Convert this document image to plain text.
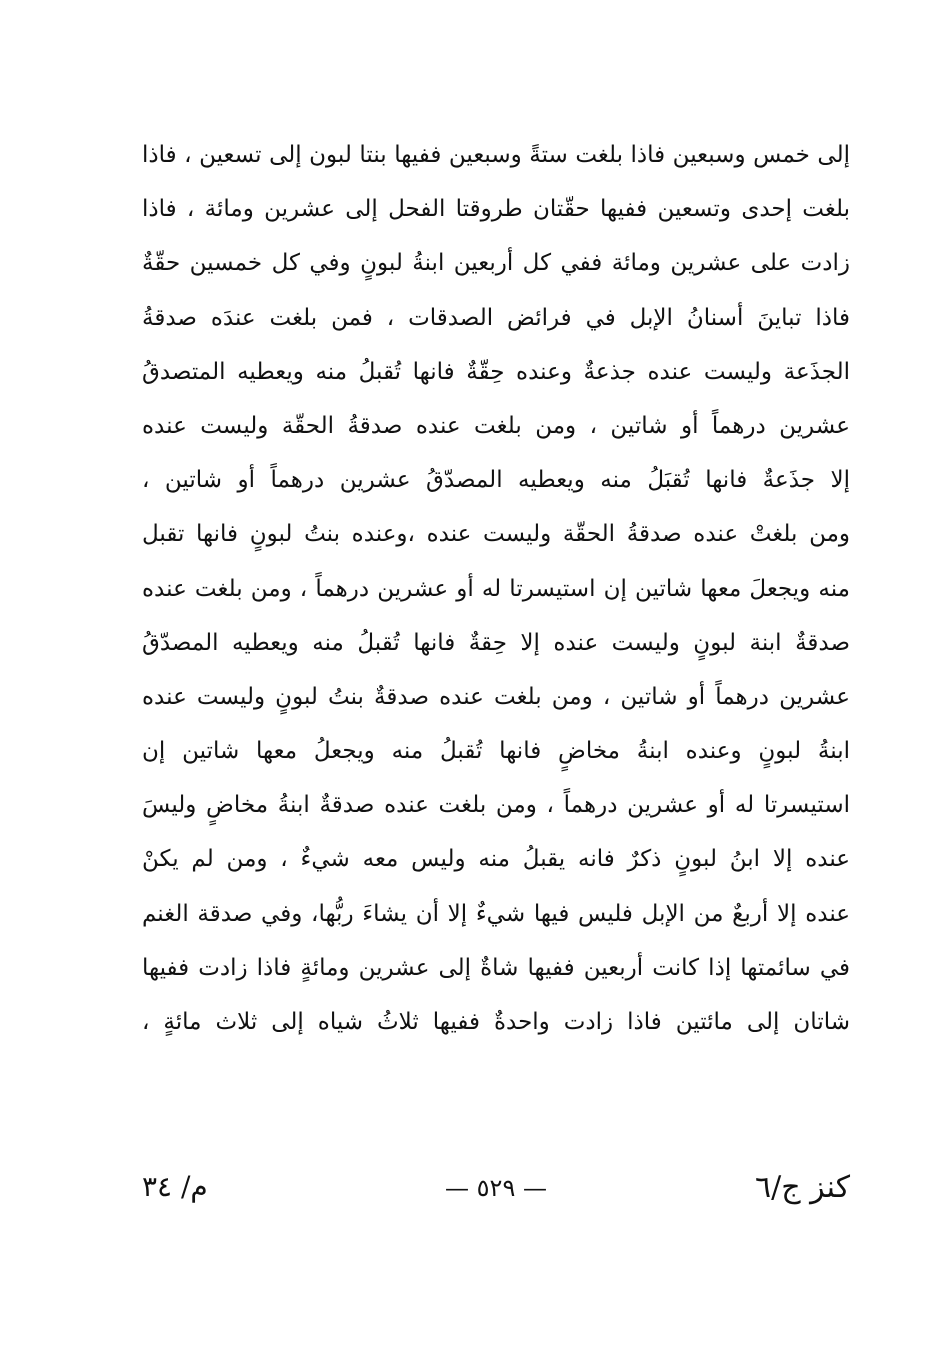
إلى خمس وسبعين فاذا بلغت ستةً وسبعين ففيها بنتا لبون إلى تسعين ، فاذا
بلغت إحدى وتسعين ففيها حقّتان طروقتا الفحل إلى عشرين ومائة ، فاذا
زادت على عشرين ومائة ففي كل أربعين ابنةُ لبونٍ وفي كل خمسين حقّةٌ
فاذا تباينَ أسنانُ الإبل في فرائض الصدقات ، فمن بلغت عندَه صدقةُ
الجذَعة وليست عنده جذعةٌ وعنده حِقّةٌ فانها تُقبلُ منه ويعطيه المتصدقُ
عشرين درهماً أو شاتين ، ومن بلغت عنده صدقةُ الحقّة وليست عنده
إلا جذَعةٌ فانها تُقبَلُ منه ويعطيه المصدّقُ عشرين درهماً أو شاتين ،
ومن بلغتْ عنده صدقةُ الحقّة وليست عنده ،وعنده بنتُ لبونٍ فانها تقبل
منه ويجعلَ معها شاتين إن استيسرتا له أو عشرين درهماً ، ومن بلغت عنده
صدقةٌ ابنة لبونٍ وليست عنده إلا حِقةٌ فانها تُقبلُ منه ويعطيه المصدّقُ
عشرين درهماً أو شاتين ، ومن بلغت عنده صدقةٌ بنتُ لبونٍ وليست عنده
ابنةُ لبونٍ وعنده ابنةُ مخاضٍ فانها تُقبلُ منه ويجعلُ معها شاتين إن
استيسرتا له أو عشرين درهماً ، ومن بلغت عنده صدقةٌ ابنةُ مخاضٍ وليسَ
عنده إلا ابنُ لبونٍ ذكرٌ فانه يقبلُ منه وليس معه شيءٌ ، ومن لم يكنْ
عنده إلا أربعٌ من الإبل فليس فيها شيءٌ إلا أن يشاءَ ربُّها، وفي صدقة الغنم
في سائمتها إذا كانت أربعين ففيها شاةٌ إلى عشرين ومائةٍ فاذا زادت ففيها
شاتان إلى مائتين فاذا زادت واحدةٌ ففيها ثلاثُ شياه إلى ثلاث مائةٍ ،
كنز ج/٦
— ٥٢٩ —
م/ ٣٤
